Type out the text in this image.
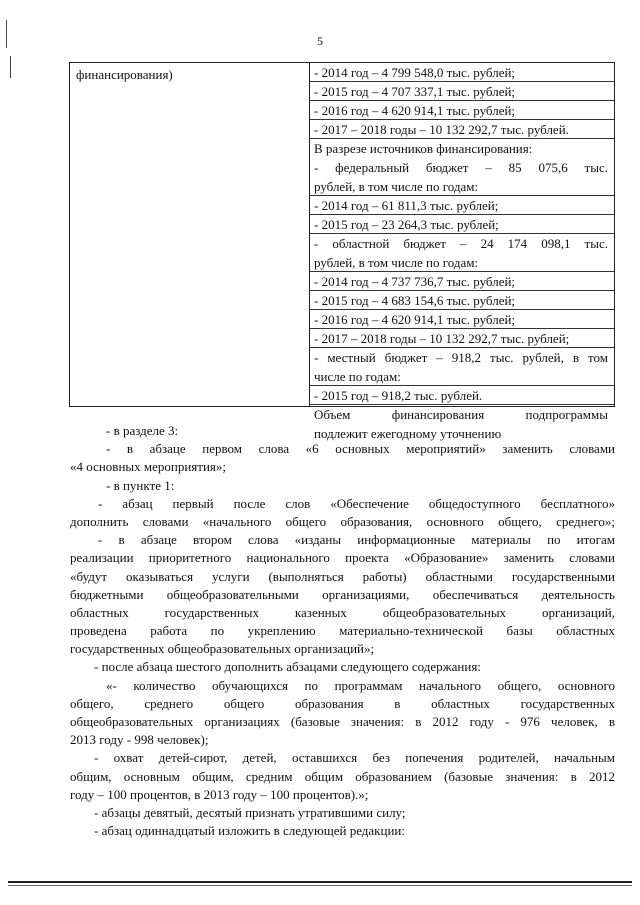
5
финансирования)	- 2014 год – 4 799 548,0 тыс. рублей;
- 2015 год – 4 707 337,1 тыс. рублей;
- 2016 год – 4 620 914,1 тыс. рублей;
- 2017 – 2018 годы – 10 132 292,7 тыс. рублей.
В разрезе источников финансирования:
- федеральный бюджет – 85 075,6 тыс.
рублей, в том числе по годам:
- 2014 год – 61 811,3 тыс. рублей;
- 2015 год – 23 264,3 тыс. рублей;
- областной бюджет – 24 174 098,1 тыс.
рублей, в том числе по годам:
- 2014 год – 4 737 736,7 тыс. рублей;
- 2015 год – 4 683 154,6 тыс. рублей;
- 2016 год – 4 620 914,1 тыс. рублей;
- 2017 – 2018 годы – 10 132 292,7 тыс. рублей;
- местный бюджет – 918,2 тыс. рублей, в том
числе по годам:
- 2015 год – 918,2 тыс. рублей.
Объем финансирования подпрограммы
подлежит ежегодному уточнению
- в разделе 3:
- в абзаце первом слова «6 основных мероприятий» заменить словами
«4 основных мероприятия»;
- в пункте 1:
- абзац первый после слов «Обеспечение общедоступного бесплатного»
дополнить словами «начального общего образования, основного общего, среднего»;
- в абзаце втором слова «изданы информационные материалы по итогам
реализации приоритетного национального проекта «Образование» заменить словами
«будут оказываться услуги (выполняться работы) областными государственными
бюджетными общеобразовательными организациями, обеспечиваться деятельность
областных государственных казенных общеобразовательных организаций,
проведена работа по укреплению материально-технической базы областных
государственных общеобразовательных организаций»;
- после абзаца шестого дополнить абзацами следующего содержания:
«- количество обучающихся по программам начального общего, основного
общего, среднего общего образования в областных государственных
общеобразовательных организациях (базовые значения: в 2012 году - 976 человек, в
2013 году - 998 человек);
- охват детей-сирот, детей, оставшихся без попечения родителей, начальным
общим, основным общим, средним общим образованием (базовые значения: в 2012
году – 100 процентов, в 2013 году – 100 процентов).»;
- абзацы девятый, десятый признать утратившими силу;
- абзац одиннадцатый изложить в следующей редакции:
